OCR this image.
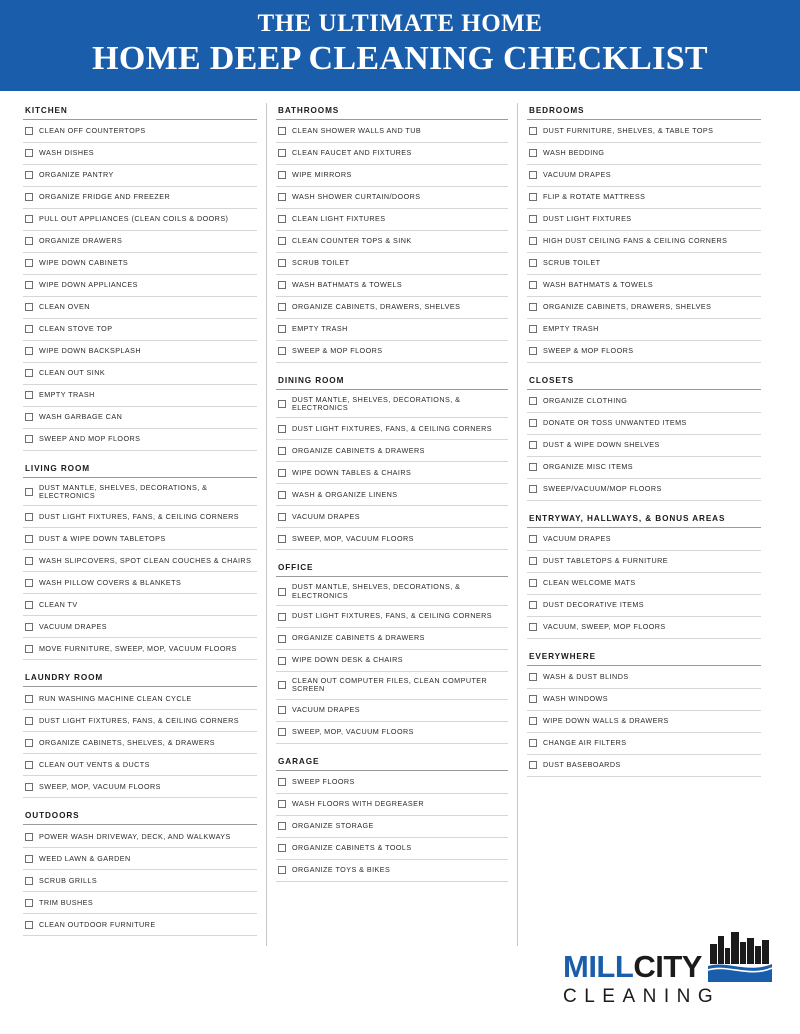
THE ULTIMATE HOME
HOME DEEP CLEANING CHECKLIST
KITCHEN
CLEAN OFF COUNTERTOPS
WASH DISHES
ORGANIZE PANTRY
ORGANIZE FRIDGE AND FREEZER
PULL OUT APPLIANCES (CLEAN COILS & DOORS)
ORGANIZE DRAWERS
WIPE DOWN CABINETS
WIPE DOWN APPLIANCES
CLEAN OVEN
CLEAN STOVE TOP
WIPE DOWN BACKSPLASH
CLEAN OUT SINK
EMPTY TRASH
WASH GARBAGE CAN
SWEEP AND MOP FLOORS
LIVING ROOM
DUST MANTLE, SHELVES, DECORATIONS, & ELECTRONICS
DUST LIGHT FIXTURES, FANS, & CEILING CORNERS
DUST & WIPE DOWN TABLETOPS
WASH SLIPCOVERS, SPOT CLEAN COUCHES & CHAIRS
WASH PILLOW COVERS & BLANKETS
CLEAN TV
VACUUM DRAPES
MOVE FURNITURE, SWEEP, MOP, VACUUM FLOORS
LAUNDRY ROOM
RUN WASHING MACHINE CLEAN CYCLE
DUST LIGHT FIXTURES, FANS, & CEILING CORNERS
ORGANIZE CABINETS, SHELVES, & DRAWERS
CLEAN OUT VENTS & DUCTS
SWEEP, MOP, VACUUM FLOORS
OUTDOORS
POWER WASH DRIVEWAY, DECK, AND WALKWAYS
WEED LAWN & GARDEN
SCRUB GRILLS
TRIM BUSHES
CLEAN OUTDOOR FURNITURE
BATHROOMS
CLEAN SHOWER WALLS AND TUB
CLEAN FAUCET AND FIXTURES
WIPE MIRRORS
WASH SHOWER CURTAIN/DOORS
CLEAN LIGHT FIXTURES
CLEAN COUNTER TOPS & SINK
SCRUB TOILET
WASH BATHMATS & TOWELS
ORGANIZE CABINETS, DRAWERS, SHELVES
EMPTY TRASH
SWEEP & MOP FLOORS
DINING ROOM
DUST MANTLE, SHELVES, DECORATIONS, & ELECTRONICS
DUST LIGHT FIXTURES, FANS, & CEILING CORNERS
ORGANIZE CABINETS & DRAWERS
WIPE DOWN TABLES & CHAIRS
WASH & ORGANIZE LINENS
VACUUM DRAPES
SWEEP, MOP, VACUUM FLOORS
OFFICE
DUST MANTLE, SHELVES, DECORATIONS, & ELECTRONICS
DUST LIGHT FIXTURES, FANS, & CEILING CORNERS
ORGANIZE CABINETS & DRAWERS
WIPE DOWN DESK & CHAIRS
CLEAN OUT COMPUTER FILES, CLEAN COMPUTER SCREEN
VACUUM DRAPES
SWEEP, MOP, VACUUM FLOORS
GARAGE
SWEEP FLOORS
WASH FLOORS WITH DEGREASER
ORGANIZE STORAGE
ORGANIZE CABINETS & TOOLS
ORGANIZE TOYS & BIKES
BEDROOMS
DUST FURNITURE, SHELVES, & TABLE TOPS
WASH BEDDING
VACUUM DRAPES
FLIP & ROTATE MATTRESS
DUST LIGHT FIXTURES
HIGH DUST CEILING FANS & CEILING CORNERS
SCRUB TOILET
WASH BATHMATS & TOWELS
ORGANIZE CABINETS, DRAWERS, SHELVES
EMPTY TRASH
SWEEP & MOP FLOORS
CLOSETS
ORGANIZE CLOTHING
DONATE OR TOSS UNWANTED ITEMS
DUST & WIPE DOWN SHELVES
ORGANIZE MISC ITEMS
SWEEP/VACUUM/MOP FLOORS
ENTRYWAY, HALLWAYS, & BONUS AREAS
VACUUM DRAPES
DUST TABLETOPS & FURNITURE
CLEAN WELCOME MATS
DUST DECORATIVE ITEMS
VACUUM, SWEEP, MOP FLOORS
EVERYWHERE
WASH & DUST BLINDS
WASH WINDOWS
WIPE DOWN WALLS & DRAWERS
CHANGE AIR FILTERS
DUST BASEBOARDS
MILLCITY
CLEANING
